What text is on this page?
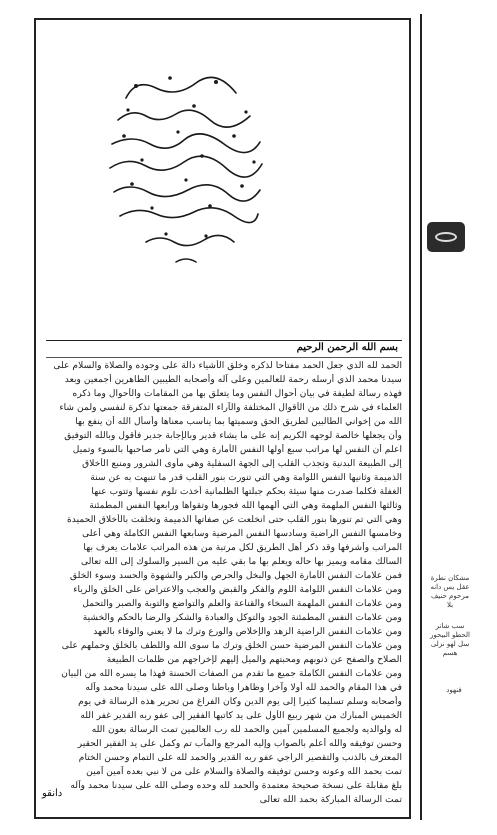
بسم الله الرحمن الرحيم
الحمد لله الذي جعل الحمد مفتاحا لذكره وخلق الأشياء دالة على وجوده والصلاة والسلام على
سيدنا محمد الذي أرسله رحمة للعالمين وعلى آله وأصحابه الطيبين الطاهرين أجمعين وبعد
فهذه رسالة لطيفة في بيان أحوال النفس وما يتعلق بها من المقامات والأحوال وما ذكره
العلماء في شرح ذلك من الأقوال المختلفة والآراء المتفرقة جمعتها تذكرة لنفسي ولمن شاء
الله من إخواني الطالبين لطريق الحق وسميتها بما يناسب معناها وأسأل الله أن ينفع بها
وأن يجعلها خالصة لوجهه الكريم إنه على ما يشاء قدير وبالإجابة جدير فأقول وبالله التوفيق
اعلم أن النفس لها مراتب سبع أولها النفس الأمارة وهي التي تأمر صاحبها بالسوء وتميل
إلى الطبيعة البدنية وتجذب القلب إلى الجهة السفلية وهي مأوى الشرور ومنبع الأخلاق
الذميمة وثانيها النفس اللوامة وهي التي تنورت بنور القلب قدر ما تنبهت به عن سنة
الغفلة فكلما صدرت منها سيئة بحكم جبلتها الظلمانية أخذت تلوم نفسها وتتوب عنها
وثالثها النفس الملهمة وهي التي ألهمها الله فجورها وتقواها ورابعها النفس المطمئنة
وهي التي تم تنورها بنور القلب حتى انخلعت عن صفاتها الذميمة وتخلقت بالأخلاق الحميدة
وخامسها النفس الراضية وسادسها النفس المرضية وسابعها النفس الكاملة وهي أعلى
المراتب وأشرفها وقد ذكر أهل الطريق لكل مرتبة من هذه المراتب علامات يعرف بها
السالك مقامه ويميز بها حاله ويعلم بها ما بقي عليه من السير والسلوك إلى الله تعالى
فمن علامات النفس الأمارة الجهل والبخل والحرص والكبر والشهوة والحسد وسوء الخلق
ومن علامات النفس اللوامة اللوم والفكر والقبض والعجب والاعتراض على الخلق والرياء
ومن علامات النفس الملهمة السخاء والقناعة والعلم والتواضع والتوبة والصبر والتحمل
ومن علامات النفس المطمئنة الجود والتوكل والعبادة والشكر والرضا بالحكم والخشية
ومن علامات النفس الراضية الزهد والإخلاص والورع وترك ما لا يعني والوفاء بالعهد
ومن علامات النفس المرضية حسن الخلق وترك ما سوى الله واللطف بالخلق وحملهم على
الصلاح والصفح عن ذنوبهم ومحبتهم والميل إليهم لإخراجهم من ظلمات الطبيعة
ومن علامات النفس الكاملة جميع ما تقدم من الصفات الحسنة فهذا ما يسره الله من البيان
في هذا المقام والحمد لله أولا وآخرا وظاهرا وباطنا وصلى الله على سيدنا محمد وآله
وأصحابه وسلم تسليما كثيرا إلى يوم الدين وكان الفراغ من تحرير هذه الرسالة في يوم
الخميس المبارك من شهر ربيع الأول على يد كاتبها الفقير إلى عفو ربه القدير غفر الله
له ولوالديه ولجميع المسلمين آمين والحمد لله رب العالمين تمت الرسالة بعون الله
وحسن توفيقه والله أعلم بالصواب وإليه المرجع والمآب تم وكمل على يد الفقير الحقير
المعترف بالذنب والتقصير الراجي عفو ربه القدير والحمد لله على التمام وحسن الختام
تمت بحمد الله وعونه وحسن توفيقه والصلاة والسلام على من لا نبي بعده آمين آمين
بلغ مقابلة على نسخة صحيحة معتمدة والحمد لله وحده وصلى الله على سيدنا محمد وآله
تمت الرسالة المباركة بحمد الله تعالى
مشكان نطرة عقل يس دانه مرحوم حنيف بلا
سب شانر الحطو البيحور سل لهو نزلى هسم
فنهود
دانقو
